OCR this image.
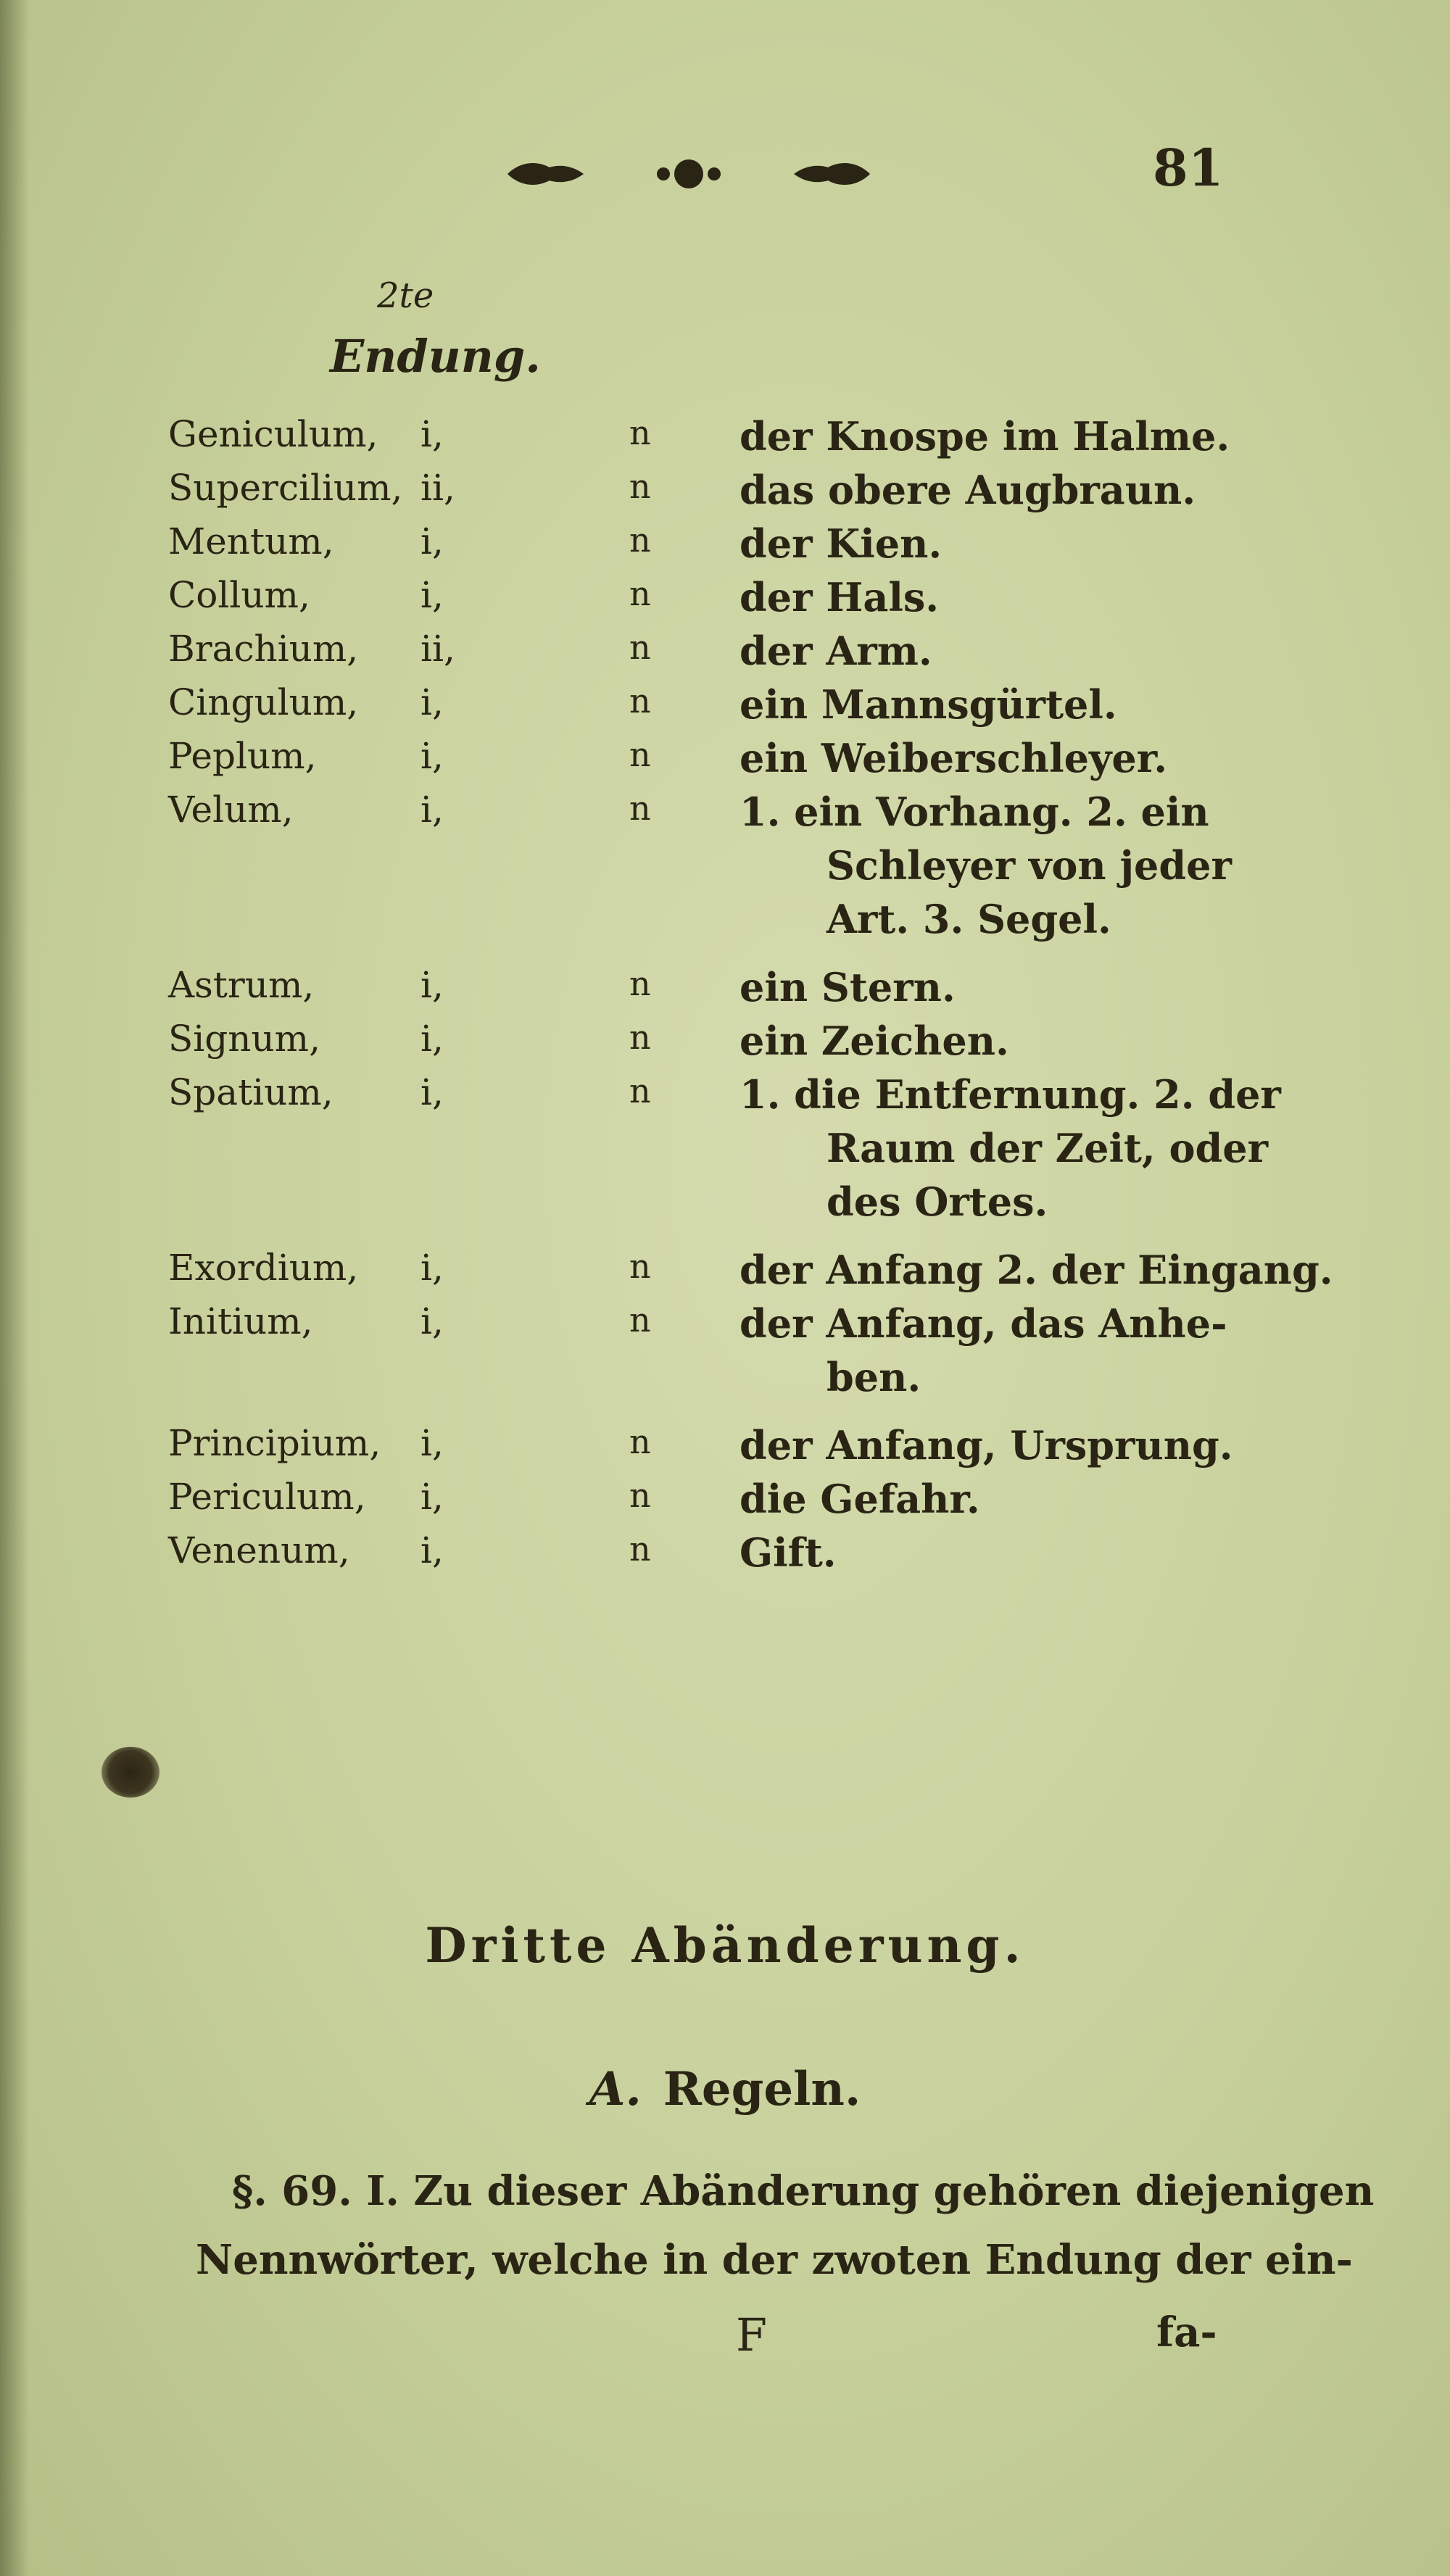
81
2te
Endung.
Geniculum, i,	n der Knospe im Halme.
Supercilium, ii,	n das obere Augbraun.
Mentum, i,	n der Kien.
Collum,	i,	n der Hals.
Brachium, ii,	n der Arm.
Cingulum, i,	n ein Mannsgürtel.
Peplum,	i,	n ein Weiberschleyer.
Velum,	i,	n 1. ein Vorhang. 2. ein
Schleyer von jeder
Art. 3. Segel.
Astrum,	i,	n ein Stern.
Signum,	i,	n ein Zeichen.
Spatium, i,	n 1. die Entfernung. 2. der
Raum der Zeit, oder
des Ortes.
Exordium, i,	n der Anfang 2. der Eingang.
Initium,	i,	n der Anfang, das Anhe-
ben.
Principium, i,	n der Anfang, Ursprung.
Periculum, i,	n die Gefahr.
Venenum, i,	n Gift.
Dritte Abänderung.
A. Regeln.
§. 69. I. Zu dieser Abänderung gehören diejenigen
Nennwörter, welche in der zwoten Endung der ein-
F	fa-
